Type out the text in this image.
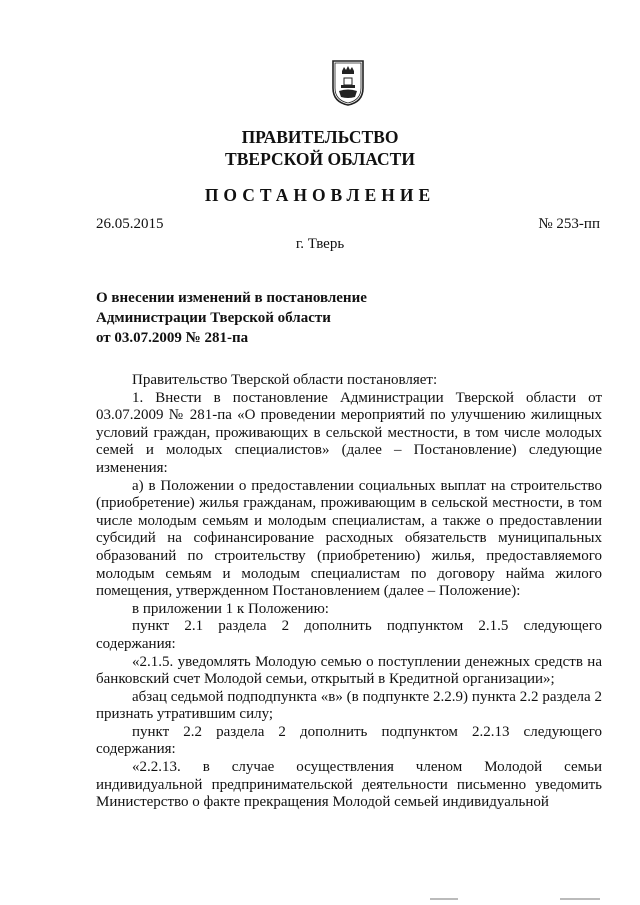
ПРАВИТЕЛЬСТВО
ТВЕРСКОЙ ОБЛАСТИ
ПОСТАНОВЛЕНИЕ
26.05.2015	№ 253-пп
г. Тверь
О внесении изменений в постановление
Администрации Тверской области
от 03.07.2009 № 281-па

Правительство Тверской области постановляет:

1. Внести в постановление Администрации Тверской области от 03.07.2009 № 281-па «О проведении мероприятий по улучшению жилищных условий граждан, проживающих в сельской местности, в том числе молодых семей и молодых специалистов» (далее – Постановление) следующие изменения:

а) в Положении о предоставлении социальных выплат на строительство (приобретение) жилья гражданам, проживающим в сельской местности, в том числе молодым семьям и молодым специалистам, а также о предоставлении субсидий на софинансирование расходных обязательств муниципальных образований по строительству (приобретению) жилья, предоставляемого молодым семьям и молодым специалистам по договору найма жилого помещения, утвержденном Постановлением (далее – Положение):

в приложении 1 к Положению:

пункт 2.1 раздела 2 дополнить подпунктом 2.1.5 следующего содержания:

«2.1.5. уведомлять Молодую семью о поступлении денежных средств на банковский счет Молодой семьи, открытый в Кредитной организации»;

абзац седьмой подподпункта «в» (в подпункте 2.2.9) пункта 2.2 раздела 2 признать утратившим силу;

пункт 2.2 раздела 2 дополнить подпунктом 2.2.13 следующего содержания:

«2.2.13. в случае осуществления членом Молодой семьи индивидуальной предпринимательской деятельности письменно уведомить Министерство о факте прекращения Молодой семьей индивидуальной
